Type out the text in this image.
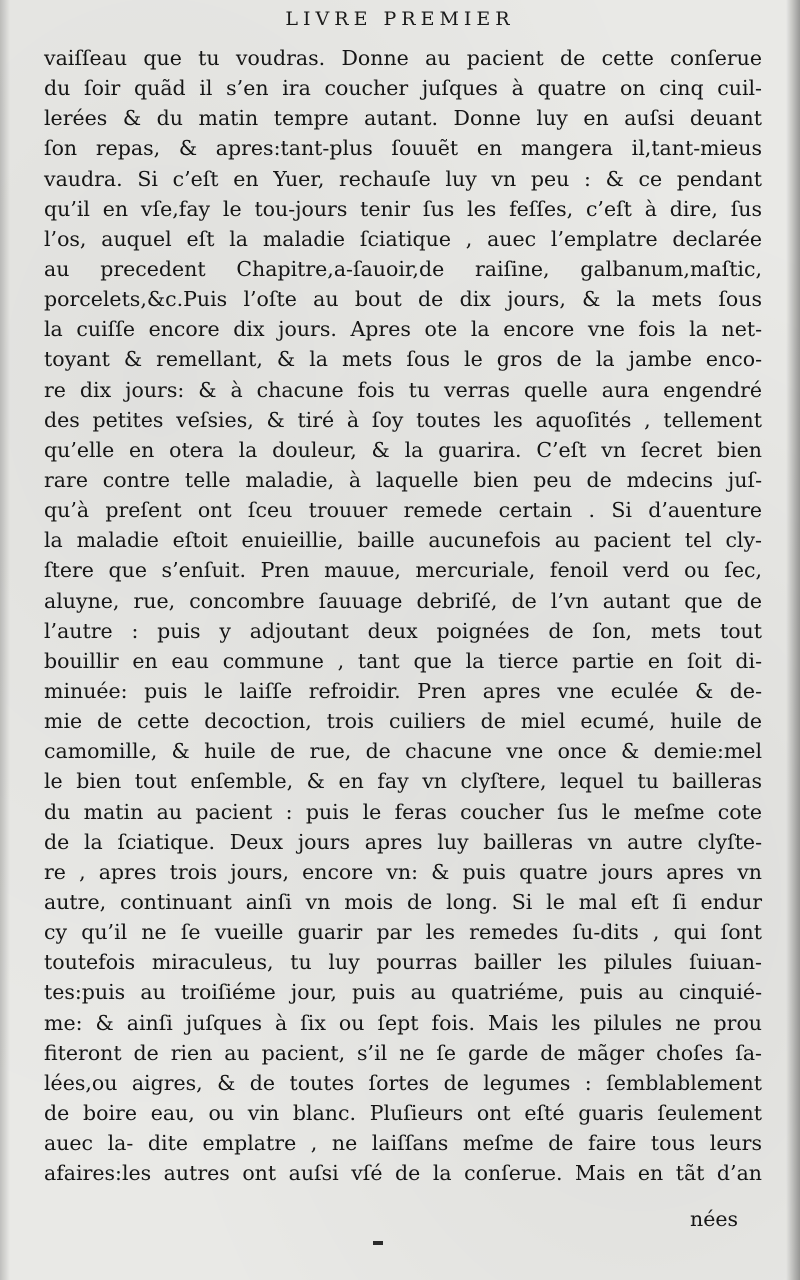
LIVRE PREMIER
vaiſſeau que tu voudras. Donne au pacient de cette conſerue
du ſoir quãd il s’en ira coucher juſques à quatre on cinq cuil-
lerées & du matin tempre autant. Donne luy en auſsi deuant
ſon repas, & apres:tant-plus ſouuẽt en mangera il,tant-mieus
vaudra. Si c’eſt en Yuer, rechauſe luy vn peu : & ce pendant
qu’il en vſe,fay le tou-jours tenir ſus les feſſes, c’eſt à dire, ſus
l’os, auquel eſt la maladie ſciatique , auec l’emplatre declarée
au precedent Chapitre,a-ſauoir,de raiſine, galbanum,maſtic,
porcelets,&c.Puis l’oſte au bout de dix jours, & la mets ſous
la cuiſſe encore dix jours. Apres ote la encore vne fois la net-
toyant & remellant, & la mets ſous le gros de la jambe enco-
re dix jours: & à chacune fois tu verras quelle aura engendré
des petites veſsies, & tiré à ſoy toutes les aquoſités , tellement
qu’elle en otera la douleur, & la guarira. C’eſt vn ſecret bien
rare contre telle maladie, à laquelle bien peu de mdecins juſ-
qu’à preſent ont ſceu trouuer remede certain . Si d’auenture
la maladie eſtoit enuieillie, baille aucunefois au pacient tel cly-
ſtere que s’enſuit. Pren mauue, mercuriale, fenoil verd ou ſec,
aluyne, rue, concombre ſauuage debriſé, de l’vn autant que de
l’autre : puis y adjoutant deux poignées de ſon, mets tout
bouillir en eau commune , tant que la tierce partie en ſoit di-
minuée: puis le laiſſe refroidir. Pren apres vne eculée & de-
mie de cette decoction, trois cuiliers de miel ecumé, huile de
camomille, & huile de rue, de chacune vne once & demie:mel
le bien tout enſemble, & en fay vn clyſtere, lequel tu bailleras
du matin au pacient : puis le feras coucher ſus le meſme cote
de la ſciatique. Deux jours apres luy bailleras vn autre clyſte-
re , apres trois jours, encore vn: & puis quatre jours apres vn
autre, continuant ainſi vn mois de long. Si le mal eſt ſi endur
cy qu’il ne ſe vueille guarir par les remedes ſu-dits , qui ſont
toutefois miraculeus, tu luy pourras bailler les pilules ſuiuan-
tes:puis au troiſiéme jour, puis au quatriéme, puis au cinquié-
me: & ainſi juſques à ſix ou ſept fois. Mais les pilules ne prou
fiteront de rien au pacient, s’il ne ſe garde de mãger choſes ſa-
lées,ou aigres, & de toutes ſortes de legumes : ſemblablement
de boire eau, ou vin blanc. Pluſieurs ont eſté guaris ſeulement
auec la- dite emplatre , ne laiſſans meſme de faire tous leurs
afaires:les autres ont auſsi vſé de la conſerue. Mais en tãt d’an
nées
